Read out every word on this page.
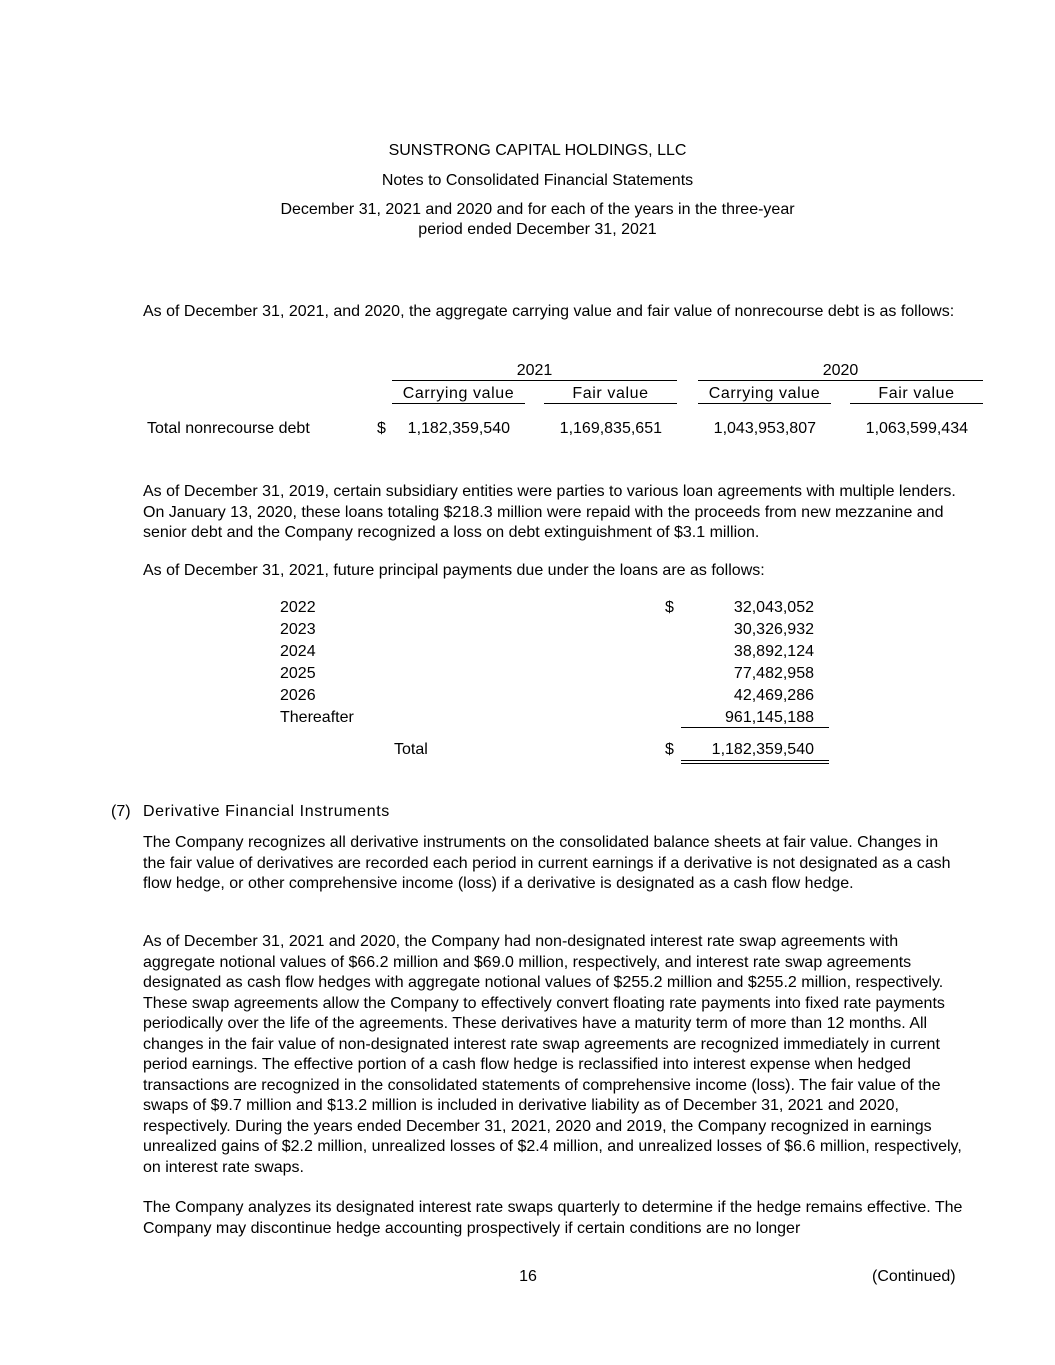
SUNSTRONG CAPITAL HOLDINGS, LLC
Notes to Consolidated Financial Statements
December 31, 2021 and 2020 and for each of the years in the three-year
period ended December 31, 2021

As of December 31, 2021, and 2020, the aggregate carrying value and fair value of nonrecourse debt is as follows:

2021	2020
Carrying value	Fair value	Carrying value	Fair value
Total nonrecourse debt	$	1,182,359,540	1,169,835,651	1,043,953,807	1,063,599,434

As of December 31, 2019, certain subsidiary entities were parties to various loan agreements with multiple lenders. On January 13, 2020, these loans totaling $218.3 million were repaid with the proceeds from new mezzanine and senior debt and the Company recognized a loss on debt extinguishment of $3.1 million.

As of December 31, 2021, future principal payments due under the loans are as follows:

2022	$	32,043,052
2023	30,326,932
2024	38,892,124
2025	77,482,958
2026	42,469,286
Thereafter	961,145,188
Total	$	1,182,359,540
(7) Derivative Financial Instruments

The Company recognizes all derivative instruments on the consolidated balance sheets at fair value. Changes in the fair value of derivatives are recorded each period in current earnings if a derivative is not designated as a cash flow hedge, or other comprehensive income (loss) if a derivative is designated as a cash flow hedge.

As of December 31, 2021 and 2020, the Company had non-designated interest rate swap agreements with aggregate notional values of $66.2 million and $69.0 million, respectively, and interest rate swap agreements designated as cash flow hedges with aggregate notional values of $255.2 million and $255.2 million, respectively. These swap agreements allow the Company to effectively convert floating rate payments into fixed rate payments periodically over the life of the agreements. These derivatives have a maturity term of more than 12 months. All changes in the fair value of non-designated interest rate swap agreements are recognized immediately in current period earnings. The effective portion of a cash flow hedge is reclassified into interest expense when hedged transactions are recognized in the consolidated statements of comprehensive income (loss). The fair value of the swaps of $9.7 million and $13.2 million is included in derivative liability as of December 31, 2021 and 2020, respectively. During the years ended December 31, 2021, 2020 and 2019, the Company recognized in earnings unrealized gains of $2.2 million, unrealized losses of $2.4 million, and unrealized losses of $6.6 million, respectively, on interest rate swaps.

The Company analyzes its designated interest rate swaps quarterly to determine if the hedge remains effective. The Company may discontinue hedge accounting prospectively if certain conditions are no longer

16	(Continued)
